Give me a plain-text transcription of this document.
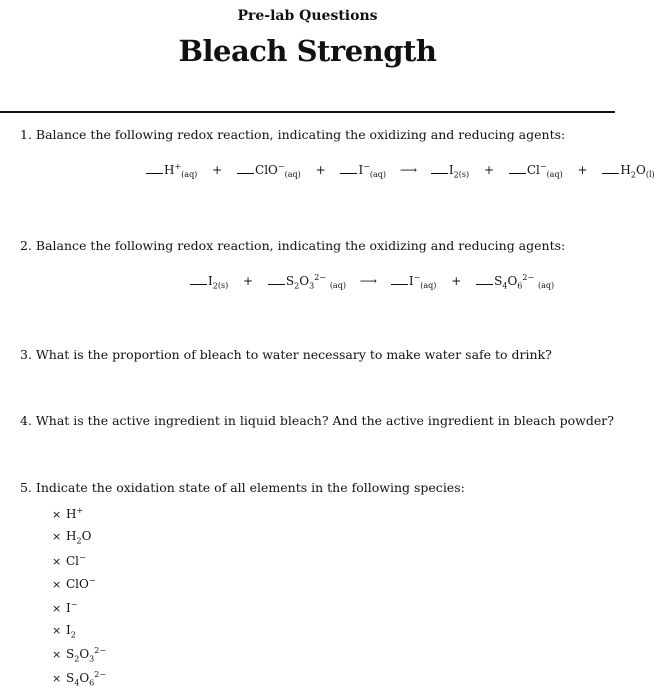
Pre-lab Questions
Bleach Strength
1. Balance the following redox reaction, indicating the oxidizing and reducing agents:
$H^+_{(aq)}$ +	ClO−$_{(aq)}$ +	$I^-_{(aq)}$ ⟶	$I_{2(s)}$ +	$Cl^-_{(aq)}$ +	$H_2O_{(l)}$
2. Balance the following redox reaction, indicating the oxidizing and reducing agents:
$I_{2(s)}$ +	$S_2O_3^{2-}$ $_{(aq)}$ ⟶	$I^-_{(aq)}$ +	$S_4O_6^{2-}$ $_{(aq)}$
3. What is the proportion of bleach to water necessary to make water safe to drink?
4. What is the active ingredient in liquid bleach? And the active ingredient in bleach powder?
5. Indicate the oxidation state of all elements in the following species:
× H+
× $H_2O$
× Cl−
× ClO−
× I−
× $I_2$
× $S_2O_3^{2-}$
× $S_4O_6^{2-}$
